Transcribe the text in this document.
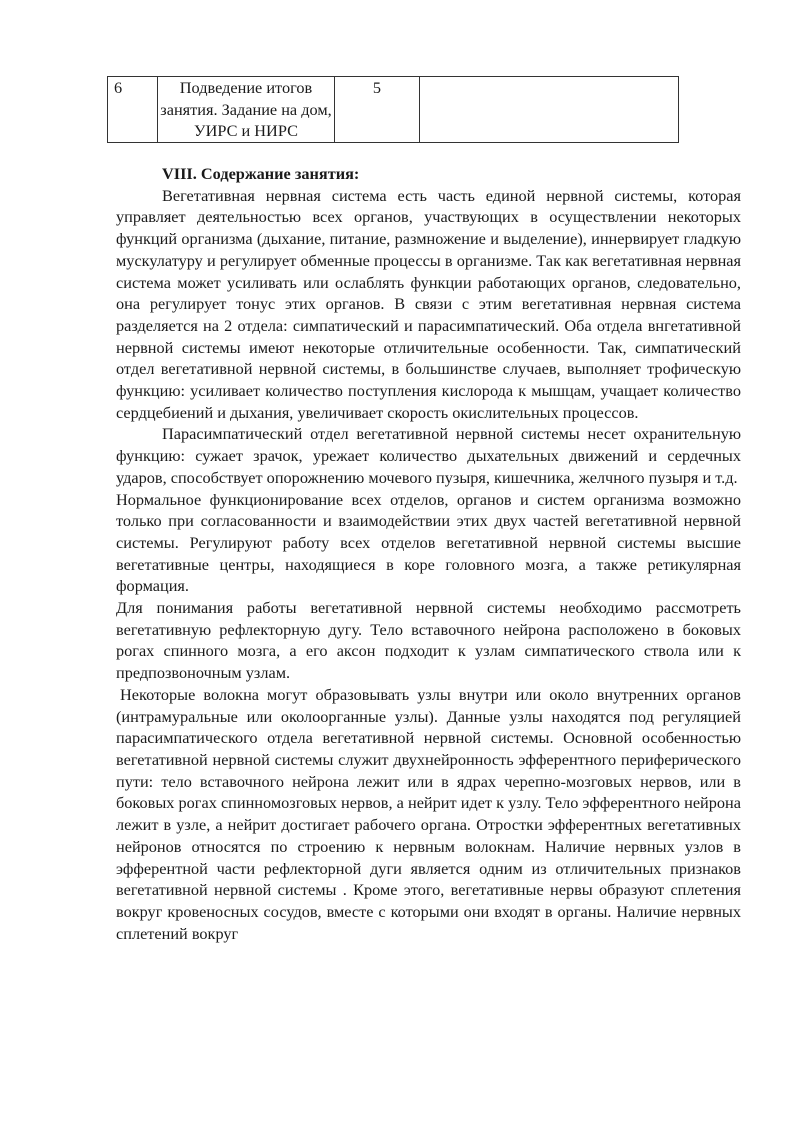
6	Подведение итогов занятия. Задание на дом, УИРС и НИРС	5	
VIII. Содержание занятия:

Вегетативная нервная система есть часть единой нервной системы, которая управляет деятельностью всех органов, участвующих в осуществлении некоторых функций организма (дыхание, питание, размножение и выделение), иннервирует гладкую мускулатуру и регулирует обменные процессы в организме. Так как вегетативная нервная система может усиливать или ослаблять функции работающих органов, следовательно, она регулирует тонус этих органов. В связи с этим вегетативная нервная система разделяется на 2 отдела: симпатический и парасимпатический. Оба отдела внгетативной нервной системы имеют некоторые отличительные особенности. Так, симпатический отдел вегетативной нервной системы, в большинстве случаев, выполняет трофическую функцию: усиливает количество поступления кислорода к мышцам, учащает количество сердцебиений и дыхания, увеличивает скорость окислительных процессов.

Парасимпатический отдел вегетативной нервной системы несет охранительную функцию: сужает зрачок, урежает количество дыхательных движений и сердечных ударов, способствует опорожнению мочевого пузыря, кишечника, желчного пузыря и т.д.

Нормальное функционирование всех отделов, органов и систем организма возможно только при согласованности и взаимодействии этих двух частей вегетативной нервной системы. Регулируют работу всех отделов вегетативной нервной системы высшие вегетативные центры, находящиеся в коре головного мозга, а также ретикулярная формация.

Для понимания работы вегетативной нервной системы необходимо рассмотреть вегетативную рефлекторную дугу. Тело вставочного нейрона расположено в боковых рогах спинного мозга, а его аксон подходит к узлам симпатического ствола или к предпозвоночным узлам.

Некоторые волокна могут образовывать узлы внутри или около внутренних органов (интрамуральные или околоорганные узлы). Данные узлы находятся под регуляцией парасимпатического отдела вегетативной нервной системы. Основной особенностью вегетативной нервной системы служит двухнейронность эфферентного периферического пути: тело вставочного нейрона лежит или в ядрах черепно-мозговых нервов, или в боковых рогах спинномозговых нервов, а нейрит идет к узлу. Тело эфферентного нейрона лежит в узле, а нейрит достигает рабочего органа. Отростки эфферентных вегетативных нейронов относятся по строению к нервным волокнам. Наличие нервных узлов в эфферентной части рефлекторной дуги является одним из отличительных признаков вегетативной нервной системы . Кроме этого, вегетативные нервы образуют сплетения вокруг кровеносных сосудов, вместе с которыми они входят в органы. Наличие нервных сплетений вокруг
